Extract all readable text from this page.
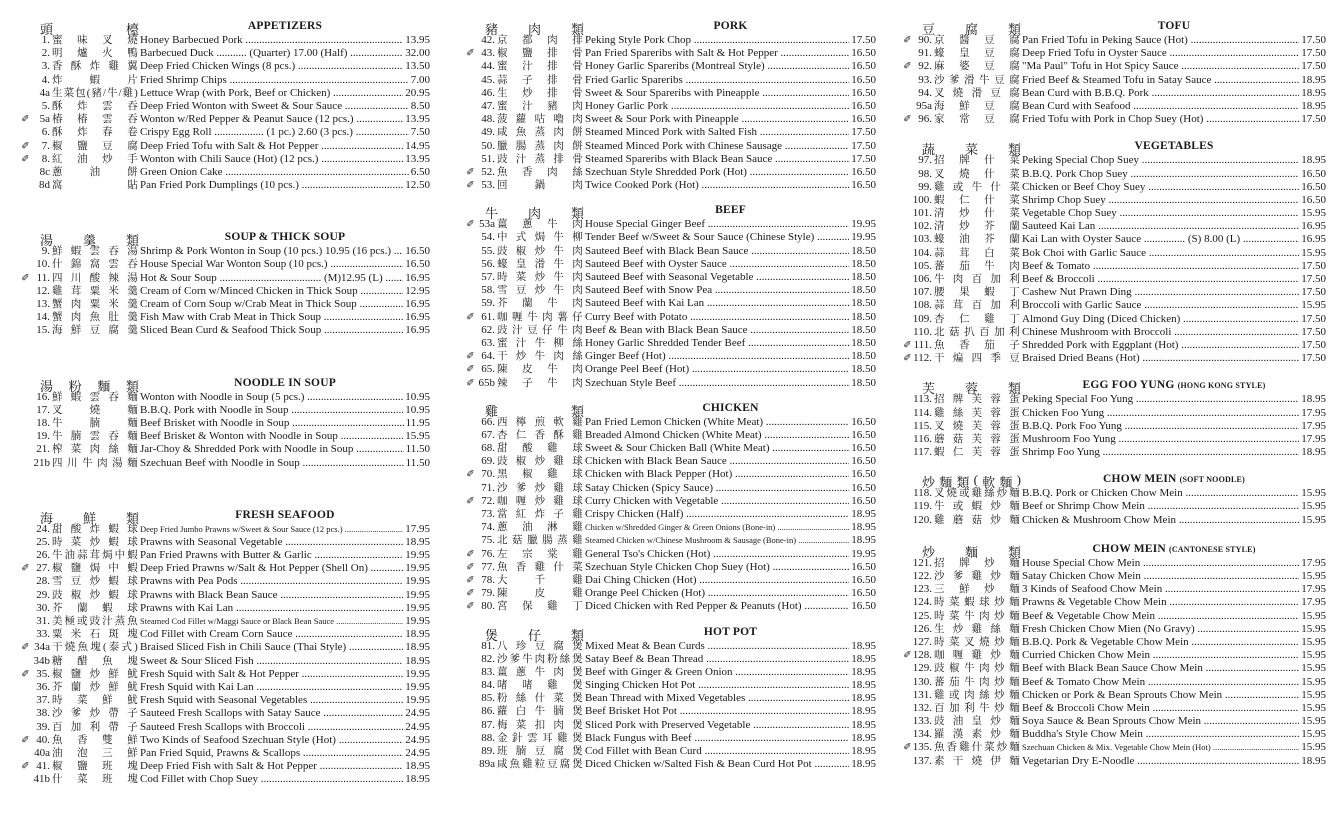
頭

　	檯	APPETIZERS
1. 蜜 味 叉 燒 Honey Barbecued Pork .....	13.95
2. 明 爐 火 鴨 Barbecued Duck ........... (Quarter) 17.00 (Half) .....	32.00
3. 香 酥 炸 雞 翼 Deep Fried Chicken Wings (8 pcs.) .....	13.50
4. 炸　蝦　片 Fried Shrimp Chips .....	7.00
4a 生菜包(豬/牛/雞) Lettuce Wrap (with Pork, Beef or Chicken) .....	20.95
5. 酥 炸 雲 吞 Deep Fried Wonton with Sweet & Sour Sauce .....	8.50
✐ 5a 椿 椿 雲 吞 Wonton w/Red Pepper & Peanut Sauce (12 pcs.) .....	13.95
6. 酥 炸 春 卷 Crispy Egg Roll .................. (1 pc.) 2.60 (3 pcs.) .....	7.50
✐	7. 椒 鹽 豆 腐 Deep Fried Tofu with Salt & Hot Pepper .....	14.95
✐	8. 紅 油 炒 手 Wonton with Chili Sauce (Hot) (12 pcs.) .....	13.95
8c 蔥　油　餅 Green Onion Cake .....	6.50
8d 窩　　　貼 Pan Fried Pork Dumplings (10 pcs.) .....	12.50
湯
　 羹
　 類	SOUP & THICK SOUP
9. 鮮 蝦 雲 吞 湯 Shrimp & Pork Wonton in Soup (10 pcs.) 10.95 (16 pcs.) .....	16.50
10. 什 錦 窩 雲 吞 House Special War Wonton Soup (10 pcs.) .....	16.50
✐ 11. 四 川 酸 辣 湯 Hot & Sour Soup ..................................... (M)12.95 (L) .....	16.95
12. 雞 茸 粟 米 羹 Cream of Corn w/Minced Chicken in Thick Soup .....	12.95
13. 蟹 肉 粟 米 羹 Cream of Corn Soup w/Crab Meat in Thick Soup .....	16.95
14. 蟹 肉 魚 肚 羹 Fish Maw with Crab Meat in Thick Soup .....	16.95
15. 海 鮮 豆 腐 羹 Sliced Bean Curd & Seafood Thick Soup .....	16.95
湯 粉 麵 類	NOODLE IN SOUP
16. 鮮 蝦 雲 吞 麵 Wonton with Noodle in Soup (5 pcs.) .....	10.95
17. 叉　燒　麵 B.B.Q. Pork with Noodle in Soup .....	10.95
18. 牛　腩　麵 Beef Brisket with Noodle in Soup .....	11.95
19. 牛 腩 雲 吞 麵 Beef Brisket & Wonton with Noodle in Soup .....	15.95
21. 榨 菜 肉 絲 麵 Jar-Choy & Shredded Pork with Noodle in Soup .....	11.50
21b 四川牛肉湯麵 Szechuan Beef with Noodle in Soup .....	11.50
海
　 鮮
　 類	FRESH SEAFOOD
24. 甜 酸 炸 蝦 球 Deep Fried Jumbo Prawns w/Sweet & Sour Sauce (12 pcs.) .....	17.95
25. 時 菜 炒 蝦 球 Prawns with Seasonal Vegetable .....	18.95
26. 牛油蒜茸焗中蝦 Pan Fried Prawns with Butter & Garlic .....	19.95
✐ 27. 椒 鹽 焗 中 蝦 Deep Fried Prawns w/Salt & Hot Pepper (Shell On) .....	19.95
28. 雪 豆 炒 蝦 球 Prawns with Pea Pods .....	19.95
29. 豉 椒 炒 蝦 球 Prawns with Black Bean Sauce .....	19.95
30. 芥 蘭 蝦 球 Prawns with Kai Lan .....	19.95
31. 美極或豉汁蒸魚 Steamed Cod Fillet w/Maggi Sauce or Black Bean Sauce .....	19.95
33. 粟 米 石 斑 塊 Cod Fillet with Cream Corn Sauce .....	18.95
✐ 34a 干燒魚塊(泰式) Braised Sliced Fish in Chili Sauce (Thai Style) .....	18.95
34b 糖 醋 魚 塊 Sweet & Sour Sliced Fish .....	18.95
✐ 35. 椒 鹽 炒 鮮 魷 Fresh Squid with Salt & Hot Pepper .....	19.95
36. 芥 蘭 炒 鮮 魷 Fresh Squid with Kai Lan .....	19.95
37. 時 菜 鮮 魷 Fresh Squid with Seasonal Vegetables .....	19.95
38. 沙 爹 炒 帶 子 Sauteed Fresh Scallops with Satay Sauce .....	24.95
39. 百 加 利 帶 子 Sauteed Fresh Scallops with Broccoli .....	24.95
✐ 40. 魚 香 雙 鮮 Two Kinds of Seafood Szechuan Style (Hot) .....	24.95
40a 油 泡 三 鮮 Pan Fried Squid, Prawns & Scallops .....	24.95
✐ 41. 椒 鹽 班 塊 Deep Fried Fish with Salt & Hot Pepper .....	18.95
41b 什 菜 班 塊 Cod Fillet with Chop Suey .....	18.95
豬
　 肉
　 類	PORK
42. 京 都 肉 排 Peking Style Pork Chop .....	17.50
✐ 43. 椒 鹽 排 骨 Pan Fried Spareribs with Salt & Hot Pepper .....	16.50
44. 蜜 汁 排 骨 Honey Garlic Spareribs (Montreal Style) .....	16.50
45. 蒜 子 排 骨 Fried Garlic Spareribs .....	16.50
46. 生 炒 排 骨 Sweet & Sour Spareribs with Pineapple .....	16.50
47. 蜜 汁 豬 肉 Honey Garlic Pork .....	16.50
48. 菠 蘿 咕 嚕 肉 Sweet & Sour Pork with Pineapple .....	16.50
49. 咸 魚 蒸 肉 餅 Steamed Minced Pork with Salted Fish .....	17.50
50. 臘 腸 蒸 肉 餅 Steamed Minced Pork with Chinese Sausage .....	17.50
51. 豉 汁 蒸 排 骨 Steamed Spareribs with Black Bean Sauce .....	17.50
✐ 52. 魚 香 肉 絲 Szechuan Style Shredded Pork (Hot) .....	16.50
✐ 53. 回　鍋　肉 Twice Cooked Pork (Hot) .....	16.50
牛
　 肉
　 類	BEEF
✐ 53a 薑 蔥 牛 肉 House Special Ginger Beef .....	19.95
54. 中 式 焗 牛 柳 Tender Beef w/Sweet & Sour Sauce (Chinese Style) .....	19.95
55. 豉 椒 炒 牛 肉 Sauteed Beef with Black Bean Sauce .....	18.50
56. 蠔 皇 滑 牛 肉 Sauteed Beef with Oyster Sauce .....	18.50
57. 時 菜 炒 牛 肉 Sauteed Beef with Seasonal Vegetable .....	18.50
58. 雪 豆 炒 牛 肉 Sauteed Beef with Snow Pea .....	18.50
59. 芥 蘭 牛 肉 Sauteed Beef with Kai Lan .....	18.50
✐ 61. 咖喱牛肉薯仔 Curry Beef with Potato .....	18.50
62. 豉汁豆仔牛肉 Beef & Bean with Black Bean Sauce .....	18.50
63. 蜜 汁 牛 柳 絲 Honey Garlic Shredded Tender Beef .....	18.50
✐ 64. 干 炒 牛 肉 絲 Ginger Beef (Hot) .....	18.50
✐ 65. 陳 皮 牛 肉 Orange Peel Beef (Hot) .....	18.50
✐ 65b 辣 子 牛 肉 Szechuan Style Beef .....	18.50
雞

　	類	CHICKEN
66. 西 檸 煎 軟 雞 Pan Fried Lemon Chicken (White Meat) .....	16.50
67. 杏 仁 香 酥 雞 Breaded Almond Chicken (White Meat) .....	16.50
68. 甜 酸 雞 球 Sweet & Sour Chicken Ball (White Meat) .....	16.50
69. 豉 椒 炒 雞 球 Chicken with Black Bean Sauce .....	16.50
✐ 70. 黑 椒 雞 球 Chicken with Black Pepper (Hot) .....	16.50
71. 沙 爹 炒 雞 球 Satay Chicken (Spicy Sauce) .....	16.50
✐ 72. 咖 喱 炒 雞 球 Curry Chicken with Vegetable .....	16.50
73. 當 紅 炸 子 雞 Crispy Chicken (Half) .....	18.95
74. 蔥 油 淋 雞 Chicken w/Shredded Ginger & Green Onions (Bone-in) .....	18.95
75. 北菇臘腸蒸雞 Steamed Chicken w/Chinese Mushroom & Sausage (Bone-in) .....	18.95
✐ 76. 左 宗 棠 雞 General Tso's Chicken (Hot) .....	19.95
✐ 77. 魚 香 雞 什 菜 Szechuan Style Chicken Chop Suey (Hot) .....	16.50
✐ 78. 大　千　雞 Dai Ching Chicken (Hot) .....	16.50
✐ 79. 陳　皮　雞 Orange Peel Chicken (Hot) .....	16.50
✐ 80. 宮 保 雞 丁 Diced Chicken with Red Pepper & Peanuts (Hot) .....	16.50
煲
　 仔
　 類	HOT POT
81. 八 珍 豆 腐 煲 Mixed Meat & Bean Curds .....	18.95
82. 沙爹牛肉粉絲煲 Satay Beef & Bean Thread .....	18.95
83. 薑 蔥 牛 肉 煲 Beef with Ginger & Green Onion .....	18.95
84. 啫　啫　雞　煲 Singing Chicken Hot Pot .....	18.95
85. 粉 絲 什 菜 煲 Bean Thread with Mixed Vegetables .....	18.95
86. 蘿 白 牛 腩 煲 Beef Brisket Hot Pot .....	18.95
87. 梅 菜 扣 肉 煲 Sliced Pork with Preserved Vegetable .....	18.95
88. 金 針 雲 耳 雞 煲 Black Fungus with Beef .....	18.95
89. 班 腩 豆 腐 煲 Cod Fillet with Bean Curd .....	18.95
89a 咸魚雞粒豆腐煲 Diced Chicken w/Salted Fish & Bean Curd Hot Pot .....	18.95
豆
　 腐
　 類	TOFU
✐ 90. 京 醬 豆 腐 Pan Fried Tofu in Peking Sauce (Hot) .....	17.50
91. 蠔 皇 豆 腐 Deep Fried Tofu in Oyster Sauce .....	17.50
✐ 92. 麻 婆 豆 腐 "Ma Paul" Tofu in Hot Spicy Sauce .....	17.50
93. 沙爹滑牛豆腐 Fried Beef & Steamed Tofu in Satay Sauce .....	18.95
94. 叉 燒 滑 豆 腐 Bean Curd with B.B.Q. Pork .....	18.95
95a 海 鮮 豆 腐 Bean Curd with Seafood .....	18.95
✐ 96. 家 常 豆 腐 Fried Tofu with Pork in Chop Suey (Hot) .....	17.50
蔬
　 菜
　 類	VEGETABLES
97. 招 牌 什 菜 Peking Special Chop Suey .....	18.95
98. 叉 燒 什 菜 B.B.Q. Pork Chop Suey .....	16.50
99. 雞 或 牛 什 菜 Chicken or Beef Choy Suey .....	16.50
100. 蝦 仁 什 菜 Shrimp Chop Suey .....	16.50
101. 清 炒 什 菜 Vegetable Chop Suey .....	15.95
102. 清 炒 芥 蘭 Sauteed Kai Lan .....	16.95
103. 蠔 油 芥 蘭 Kai Lan with Oyster Sauce ............... (S) 8.00 (L) .....	16.95
104. 蒜 茸 白 菜 Bok Choi with Garlic Sauce .....	15.95
105. 蕃 茄 牛 肉 Beef & Tomato .....	17.50
106. 牛 肉 百 加 利 Beef & Broccoli .....	17.50
107. 腰 果 蝦 丁 Cashew Nut Prawn Ding .....	17.50
108. 蒜 茸 百 加 利 Broccoli with Garlic Sauce .....	15.95
109. 杏 仁 雞 丁 Almond Guy Ding (Diced Chicken) .....	17.50
110. 北菇扒百加利 Chinese Mushroom with Broccoli .....	17.50
✐ 111. 魚 香 茄 子 Shredded Pork with Eggplant (Hot) .....	17.50
✐ 112. 干 煸 四 季 豆 Braised Dried Beans (Hot) .....	17.50
芙
　 蓉
　 類	EGG FOO YUNG (HONG KONG STYLE)
113. 招 牌 芙 蓉 蛋 Peking Special Foo Yung .....	18.95
114. 雞 絲 芙 蓉 蛋 Chicken Foo Yung .....	17.95
115. 叉 燒 芙 蓉 蛋 B.B.Q. Pork Foo Yung .....	17.95
116. 蘑 菇 芙 蓉 蛋 Mushroom Foo Yung .....	17.95
117. 蝦 仁 芙 蓉 蛋 Shrimp Foo Yung .....	18.95
炒 麵 類 ( 軟 麵 )	CHOW MEIN (SOFT NOODLE)
118. 叉燒或雞絲炒麵 B.B.Q. Pork or Chicken Chow Mein .....	15.95
119. 牛 或 蝦 炒 麵 Beef or Shrimp Chow Mein .....	15.95
120. 雞 蘑 菇 炒 麵 Chicken & Mushroom Chow Mein .....	15.95
炒
　 麵
　 類	CHOW MEIN (CANTONESE STYLE)
121. 招 牌 炒 麵 House Special Chow Mein .....	17.95
122. 沙 爹 雞 炒 麵 Satay Chicken Chow Mein .....	15.95
123. 三 鮮 炒 麵 3 Kinds of Seafood Chow Mein .....	17.95
124. 時菜蝦球炒麵 Prawns & Vegetable Chow Mein .....	17.95
125. 時菜牛肉炒麵 Beef & Vegetable Chow Mein .....	15.95
126. 生 炒 雞 絲 麵 Fresh Chicken Chow Mien (No Gravy) .....	15.95
127. 時菜叉燒炒麵 B.B.Q. Pork & Vegetable Chow Mein .....	15.95
✐ 128. 咖 喱 雞 炒 麵 Curried Chicken Chow Mein .....	15.95
129. 豉椒牛肉炒麵 Beef with Black Bean Sauce Chow Mein .....	15.95
130. 蕃茄牛肉炒麵 Beef & Tomato Chow Mein .....	15.95
131. 雞或肉絲炒麵 Chicken or Pork & Bean Sprouts Chow Mein .....	15.95
132. 百加利牛炒麵 Beef & Broccoli Chow Mein .....	15.95
133. 豉 油 皇 炒 麵 Soya Sauce & Bean Sprouts Chow Mein .....	15.95
134. 羅 漢 素 炒 麵 Buddha's Style Chow Mein .....	15.95
✐ 135. 魚香雞什菜炒麵 Szechuan Chicken & Mix. Vegetable Chow Mein (Hot) .....	15.95
137. 素 干 燒 伊 麵 Vegetarian Dry E-Noodle .....	18.95
